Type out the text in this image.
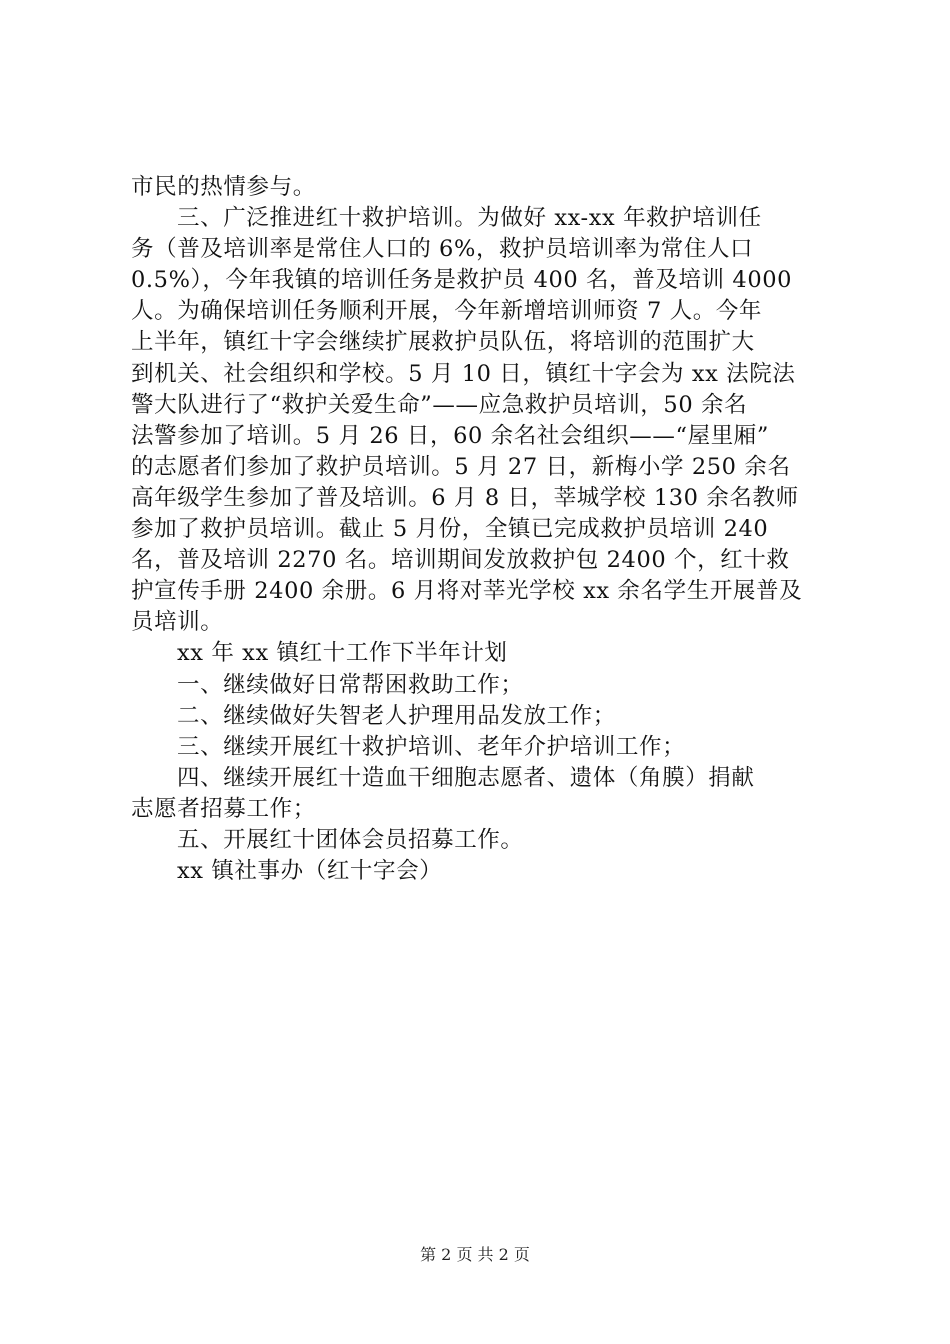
市民的热情参与。
三、广泛推进红十救护培训。为做好 xx-xx 年救护培训任
务（普及培训率是常住人口的 6%，救护员培训率为常住人口
0.5%），今年我镇的培训任务是救护员 400 名，普及培训 4000
人。为确保培训任务顺利开展，今年新增培训师资 7 人。今年
上半年，镇红十字会继续扩展救护员队伍，将培训的范围扩大
到机关、社会组织和学校。5 月 10 日，镇红十字会为 xx 法院法
警大队进行了“救护关爱生命”——应急救护员培训，50 余名
法警参加了培训。5 月 26 日，60 余名社会组织——“屋里厢”
的志愿者们参加了救护员培训。5 月 27 日，新梅小学 250 余名
高年级学生参加了普及培训。6 月 8 日，莘城学校 130 余名教师
参加了救护员培训。截止 5 月份，全镇已完成救护员培训 240
名，普及培训 2270 名。培训期间发放救护包 2400 个，红十救
护宣传手册 2400 余册。6 月将对莘光学校 xx 余名学生开展普及
员培训。
xx 年 xx 镇红十工作下半年计划
一、继续做好日常帮困救助工作；
二、继续做好失智老人护理用品发放工作；
三、继续开展红十救护培训、老年介护培训工作；
四、继续开展红十造血干细胞志愿者、遗体（角膜）捐献
志愿者招募工作；
五、开展红十团体会员招募工作。
xx 镇社事办（红十字会）
第 2 页 共 2 页
